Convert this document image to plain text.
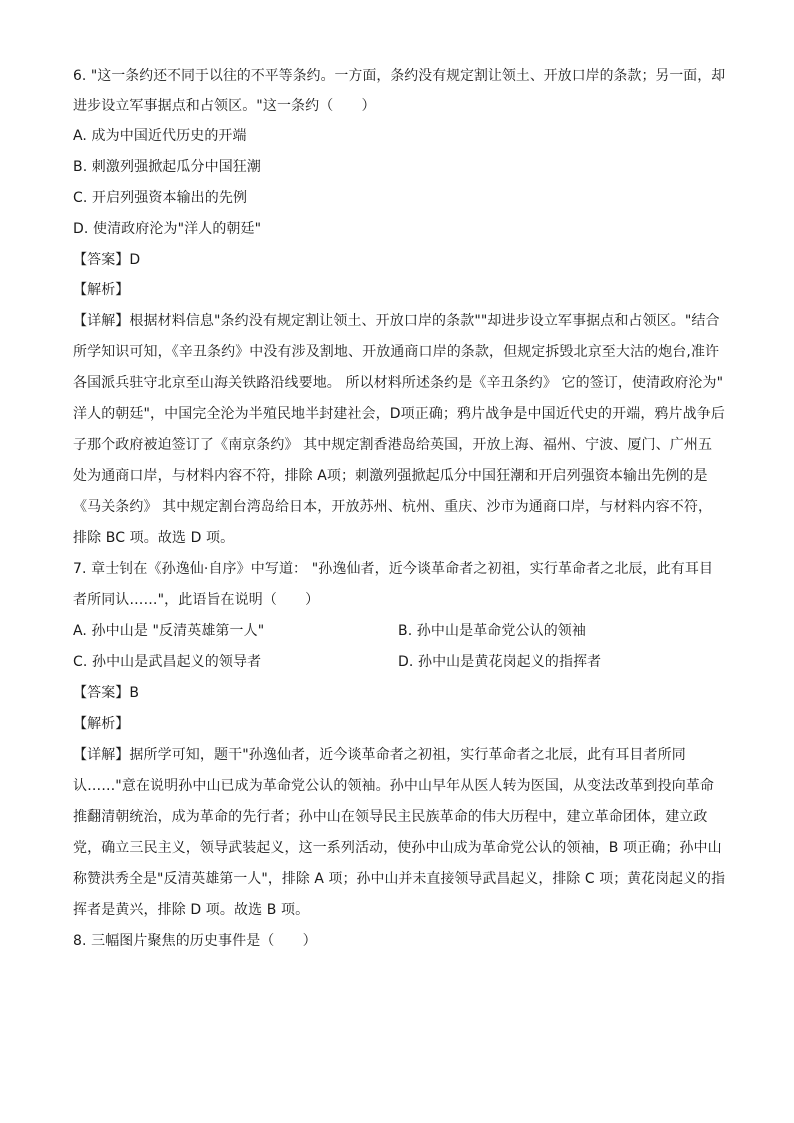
6. "这一条约还不同于以往的不平等条约。一方面，条约没有规定割让领土、开放口岸的条款；另一面，却
进步设立军事据点和占领区。"这一条约（　　）
A. 成为中国近代历史的开端
B. 刺激列强掀起瓜分中国狂潮
C. 开启列强资本输出的先例
D. 使清政府沦为"洋人的朝廷"
【答案】D
【解析】
【详解】根据材料信息"条约没有规定割让领土、开放口岸的条款""却进步设立军事据点和占领区。"结合
所学知识可知，《辛丑条约》中没有涉及割地、开放通商口岸的条款，但规定拆毁北京至大沽的炮台,准许
各国派兵驻守北京至山海关铁路沿线要地。 所以材料所述条约是《辛丑条约》 它的签订，使清政府沦为"
洋人的朝廷"，中国完全沦为半殖民地半封建社会，D项正确；鸦片战争是中国近代史的开端，鸦片战争后
子那个政府被迫签订了《南京条约》 其中规定割香港岛给英国，开放上海、福州、宁波、厦门、广州五
处为通商口岸，与材料内容不符，排除 A项；刺激列强掀起瓜分中国狂潮和开启列强资本输出先例的是
《马关条约》 其中规定割台湾岛给日本，开放苏州、杭州、重庆、沙市为通商口岸，与材料内容不符，
排除 BC 项。故选 D 项。
7. 章士钊在《孙逸仙·自序》中写道： "孙逸仙者，近今谈革命者之初祖，实行革命者之北辰，此有耳目
者所同认……"，此语旨在说明（　　）
A. 孙中山是 "反清英雄第一人"	B. 孙中山是革命党公认的领袖
C. 孙中山是武昌起义的领导者	D. 孙中山是黄花岗起义的指挥者
【答案】B
【解析】
【详解】据所学可知，题干"孙逸仙者，近今谈革命者之初祖，实行革命者之北辰，此有耳目者所同
认……"意在说明孙中山已成为革命党公认的领袖。孙中山早年从医人转为医国，从变法改革到投向革命
推翻清朝统治，成为革命的先行者；孙中山在领导民主民族革命的伟大历程中，建立革命团体，建立政
党，确立三民主义，领导武装起义，这一系列活动，使孙中山成为革命党公认的领袖，B 项正确；孙中山
称赞洪秀全是"反清英雄第一人"，排除 A 项；孙中山并未直接领导武昌起义，排除 C 项；黄花岗起义的指
挥者是黄兴，排除 D 项。故选 B 项。
8. 三幅图片聚焦的历史事件是（　　）
